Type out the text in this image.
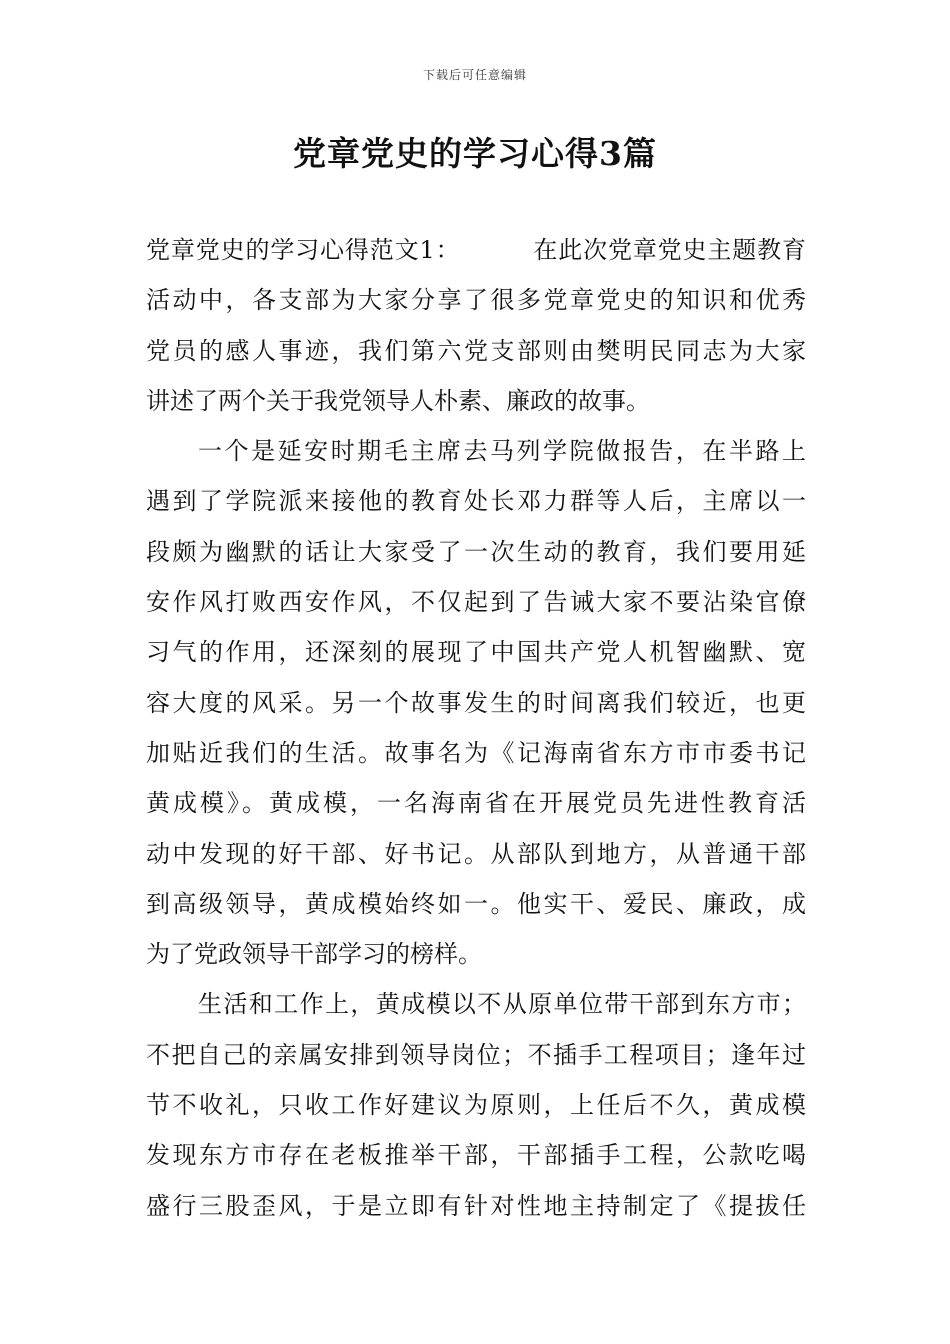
下载后可任意编辑
党章党史的学习心得3篇
党章党史的学习心得范文1：	在此次党章党史主题教育
活动中，各支部为大家分享了很多党章党史的知识和优秀
党员的感人事迹，我们第六党支部则由樊明民同志为大家
讲述了两个关于我党领导人朴素、廉政的故事。
一个是延安时期毛主席去马列学院做报告，在半路上
遇到了学院派来接他的教育处长邓力群等人后，主席以一
段颇为幽默的话让大家受了一次生动的教育，我们要用延
安作风打败西安作风，不仅起到了告诫大家不要沾染官僚
习气的作用，还深刻的展现了中国共产党人机智幽默、宽
容大度的风采。另一个故事发生的时间离我们较近，也更
加贴近我们的生活。故事名为《记海南省东方市市委书记
黄成模》。黄成模，一名海南省在开展党员先进性教育活
动中发现的好干部、好书记。从部队到地方，从普通干部
到高级领导，黄成模始终如一。他实干、爱民、廉政，成
为了党政领导干部学习的榜样。
生活和工作上，黄成模以不从原单位带干部到东方市；
不把自己的亲属安排到领导岗位；不插手工程项目；逢年过
节不收礼，只收工作好建议为原则，上任后不久，黄成模
发现东方市存在老板推举干部，干部插手工程，公款吃喝
盛行三股歪风，于是立即有针对性地主持制定了《提拔任
